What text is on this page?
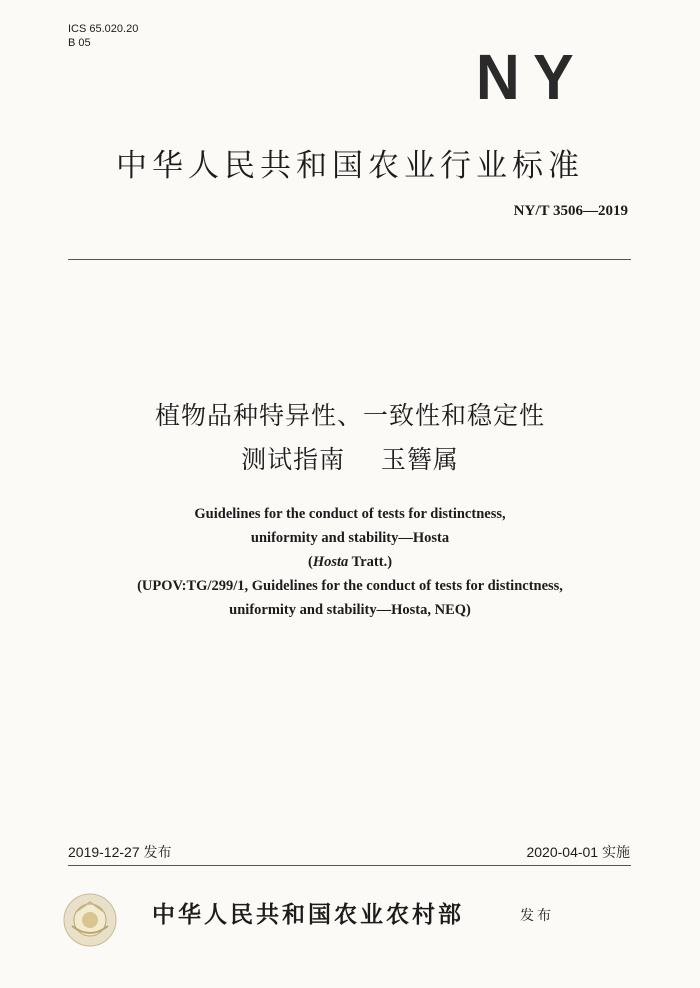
ICS 65.020.20
B 05	NY
中华人民共和国农业行业标准
NY/T 3506—2019
植物品种特异性、一致性和稳定性
测试指南    玉簪属
Guidelines for the conduct of tests for distinctness,
uniformity and stability—Hosta
(Hosta Tratt.)
(UPOV:TG/299/1, Guidelines for the conduct of tests for distinctness,
uniformity and stability—Hosta, NEQ)
2019-12-27 发布	2020-04-01 实施
中华人民共和国农业农村部	发布
